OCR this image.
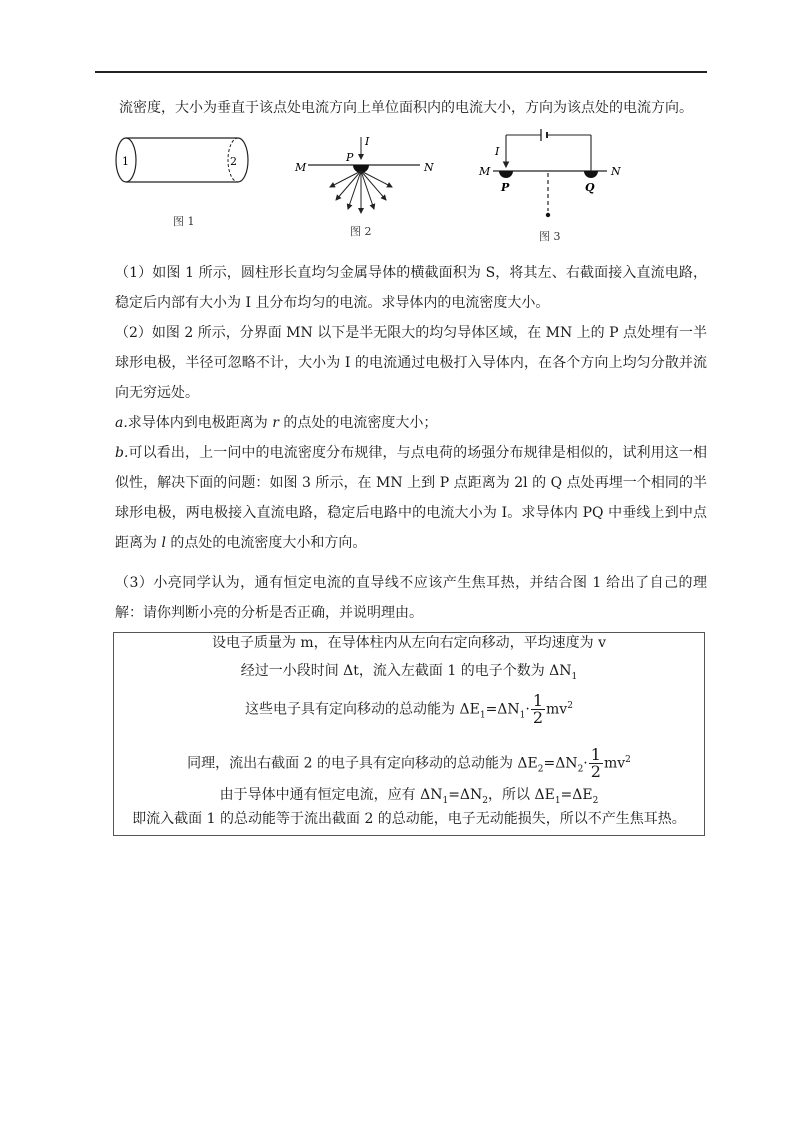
流密度，大小为垂直于该点处电流方向上单位面积内的电流大小，方向为该点处的电流方向。
1	2
图 1
M	N
P
I
图 2
M	N
P	Q
I
图 3
（1）如图 1 所示，圆柱形长直均匀金属导体的横截面积为 S，将其左、右截面接入直流电路，稳定后内部有大小为 I 且分布均匀的电流。求导体内的电流密度大小。
（2）如图 2 所示，分界面 MN 以下是半无限大的均匀导体区域，在 MN 上的 P 点处埋有一半球形电极，半径可忽略不计，大小为 I 的电流通过电极打入导体内，在各个方向上均匀分散并流向无穷远处。
a.求导体内到电极距离为 r 的点处的电流密度大小；
b.可以看出，上一问中的电流密度分布规律，与点电荷的场强分布规律是相似的，试利用这一相似性，解决下面的问题：如图 3 所示，在 MN 上到 P 点距离为 2l 的 Q 点处再埋一个相同的半球形电极，两电极接入直流电路，稳定后电路中的电流大小为 I。求导体内 PQ 中垂线上到中点距离为 l 的点处的电流密度大小和方向。
（3）小亮同学认为，通有恒定电流的直导线不应该产生焦耳热，并结合图 1 给出了自己的理解：请你判断小亮的分析是否正确，并说明理由。
设电子质量为 m，在导体柱内从左向右定向移动，平均速度为 v
经过一小段时间 Δt，流入左截面 1 的电子个数为 $\Delta N_1$
这些电子具有定向移动的总动能为 $\Delta E_1=\Delta N_1\cdot \frac{1}{2} mv^2$
同理，流出右截面 2 的电子具有定向移动的总动能为 $\Delta E_2=\Delta N_2\cdot \frac{1}{2} mv^2$
由于导体中通有恒定电流，应有 $\Delta N_1=\Delta N_2$，所以 $\Delta E_1=\Delta E_2$
即流入截面 1 的总动能等于流出截面 2 的总动能，电子无动能损失，所以不产生焦耳热。
